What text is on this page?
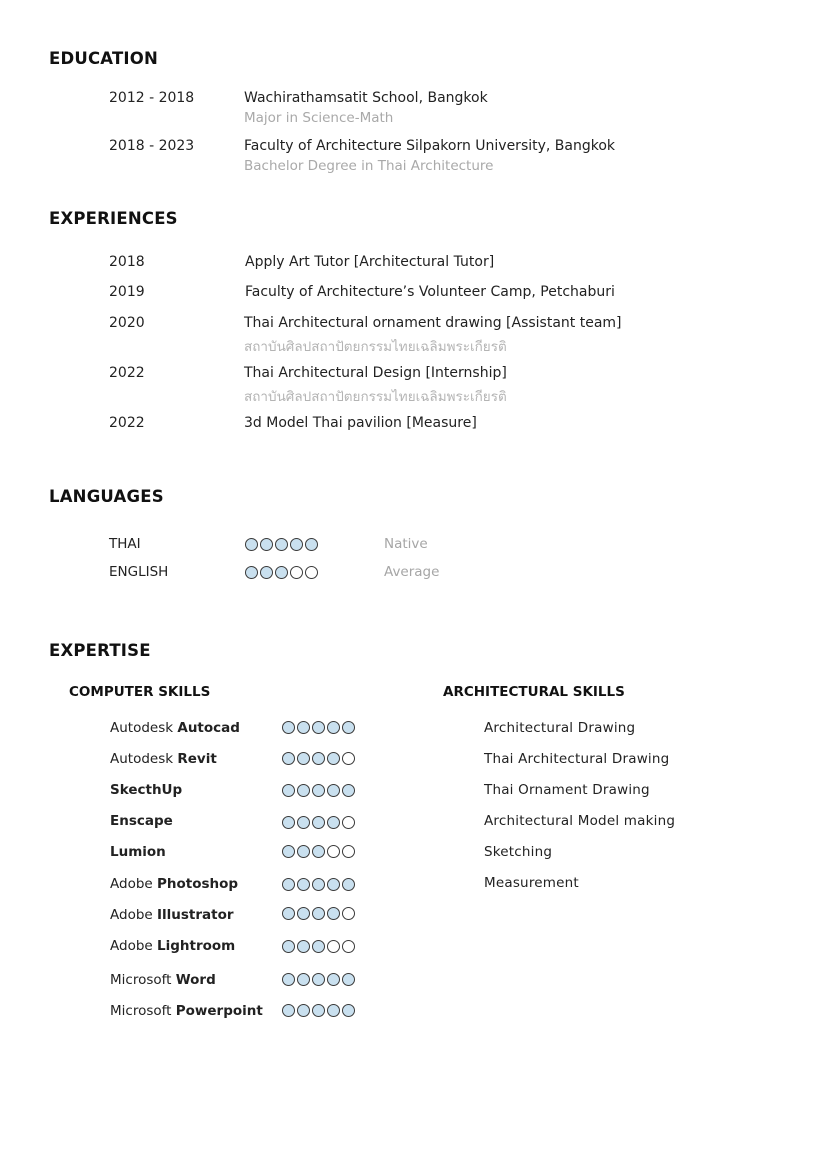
EDUCATION
2012 - 2018	Wachirathamsatit School, Bangkok
Major in Science-Math
2018 - 2023	Faculty of Architecture Silpakorn University, Bangkok
Bachelor Degree in Thai Architecture
EXPERIENCES
2018	Apply Art Tutor [Architectural Tutor]
2019	Faculty of Architecture’s Volunteer Camp, Petchaburi
2020	Thai Architectural ornament drawing [Assistant team]
สถาบันศิลปสถาปัตยกรรมไทยเฉลิมพระเกียรติ
2022	Thai Architectural Design [Internship]
สถาบันศิลปสถาปัตยกรรมไทยเฉลิมพระเกียรติ
2022	3d Model Thai pavilion [Measure]
LANGUAGES
THAI	Native
ENGLISH	Average
EXPERTISE
COMPUTER SKILLS	ARCHITECTURAL SKILLS
Autodesk Autocad
Autodesk Revit
SkecthUp
Enscape
Lumion
Adobe Photoshop
Adobe Illustrator
Adobe Lightroom
Microsoft Word
Microsoft Powerpoint
Architectural Drawing
Thai Architectural Drawing
Thai Ornament Drawing
Architectural Model making
Sketching
Measurement
